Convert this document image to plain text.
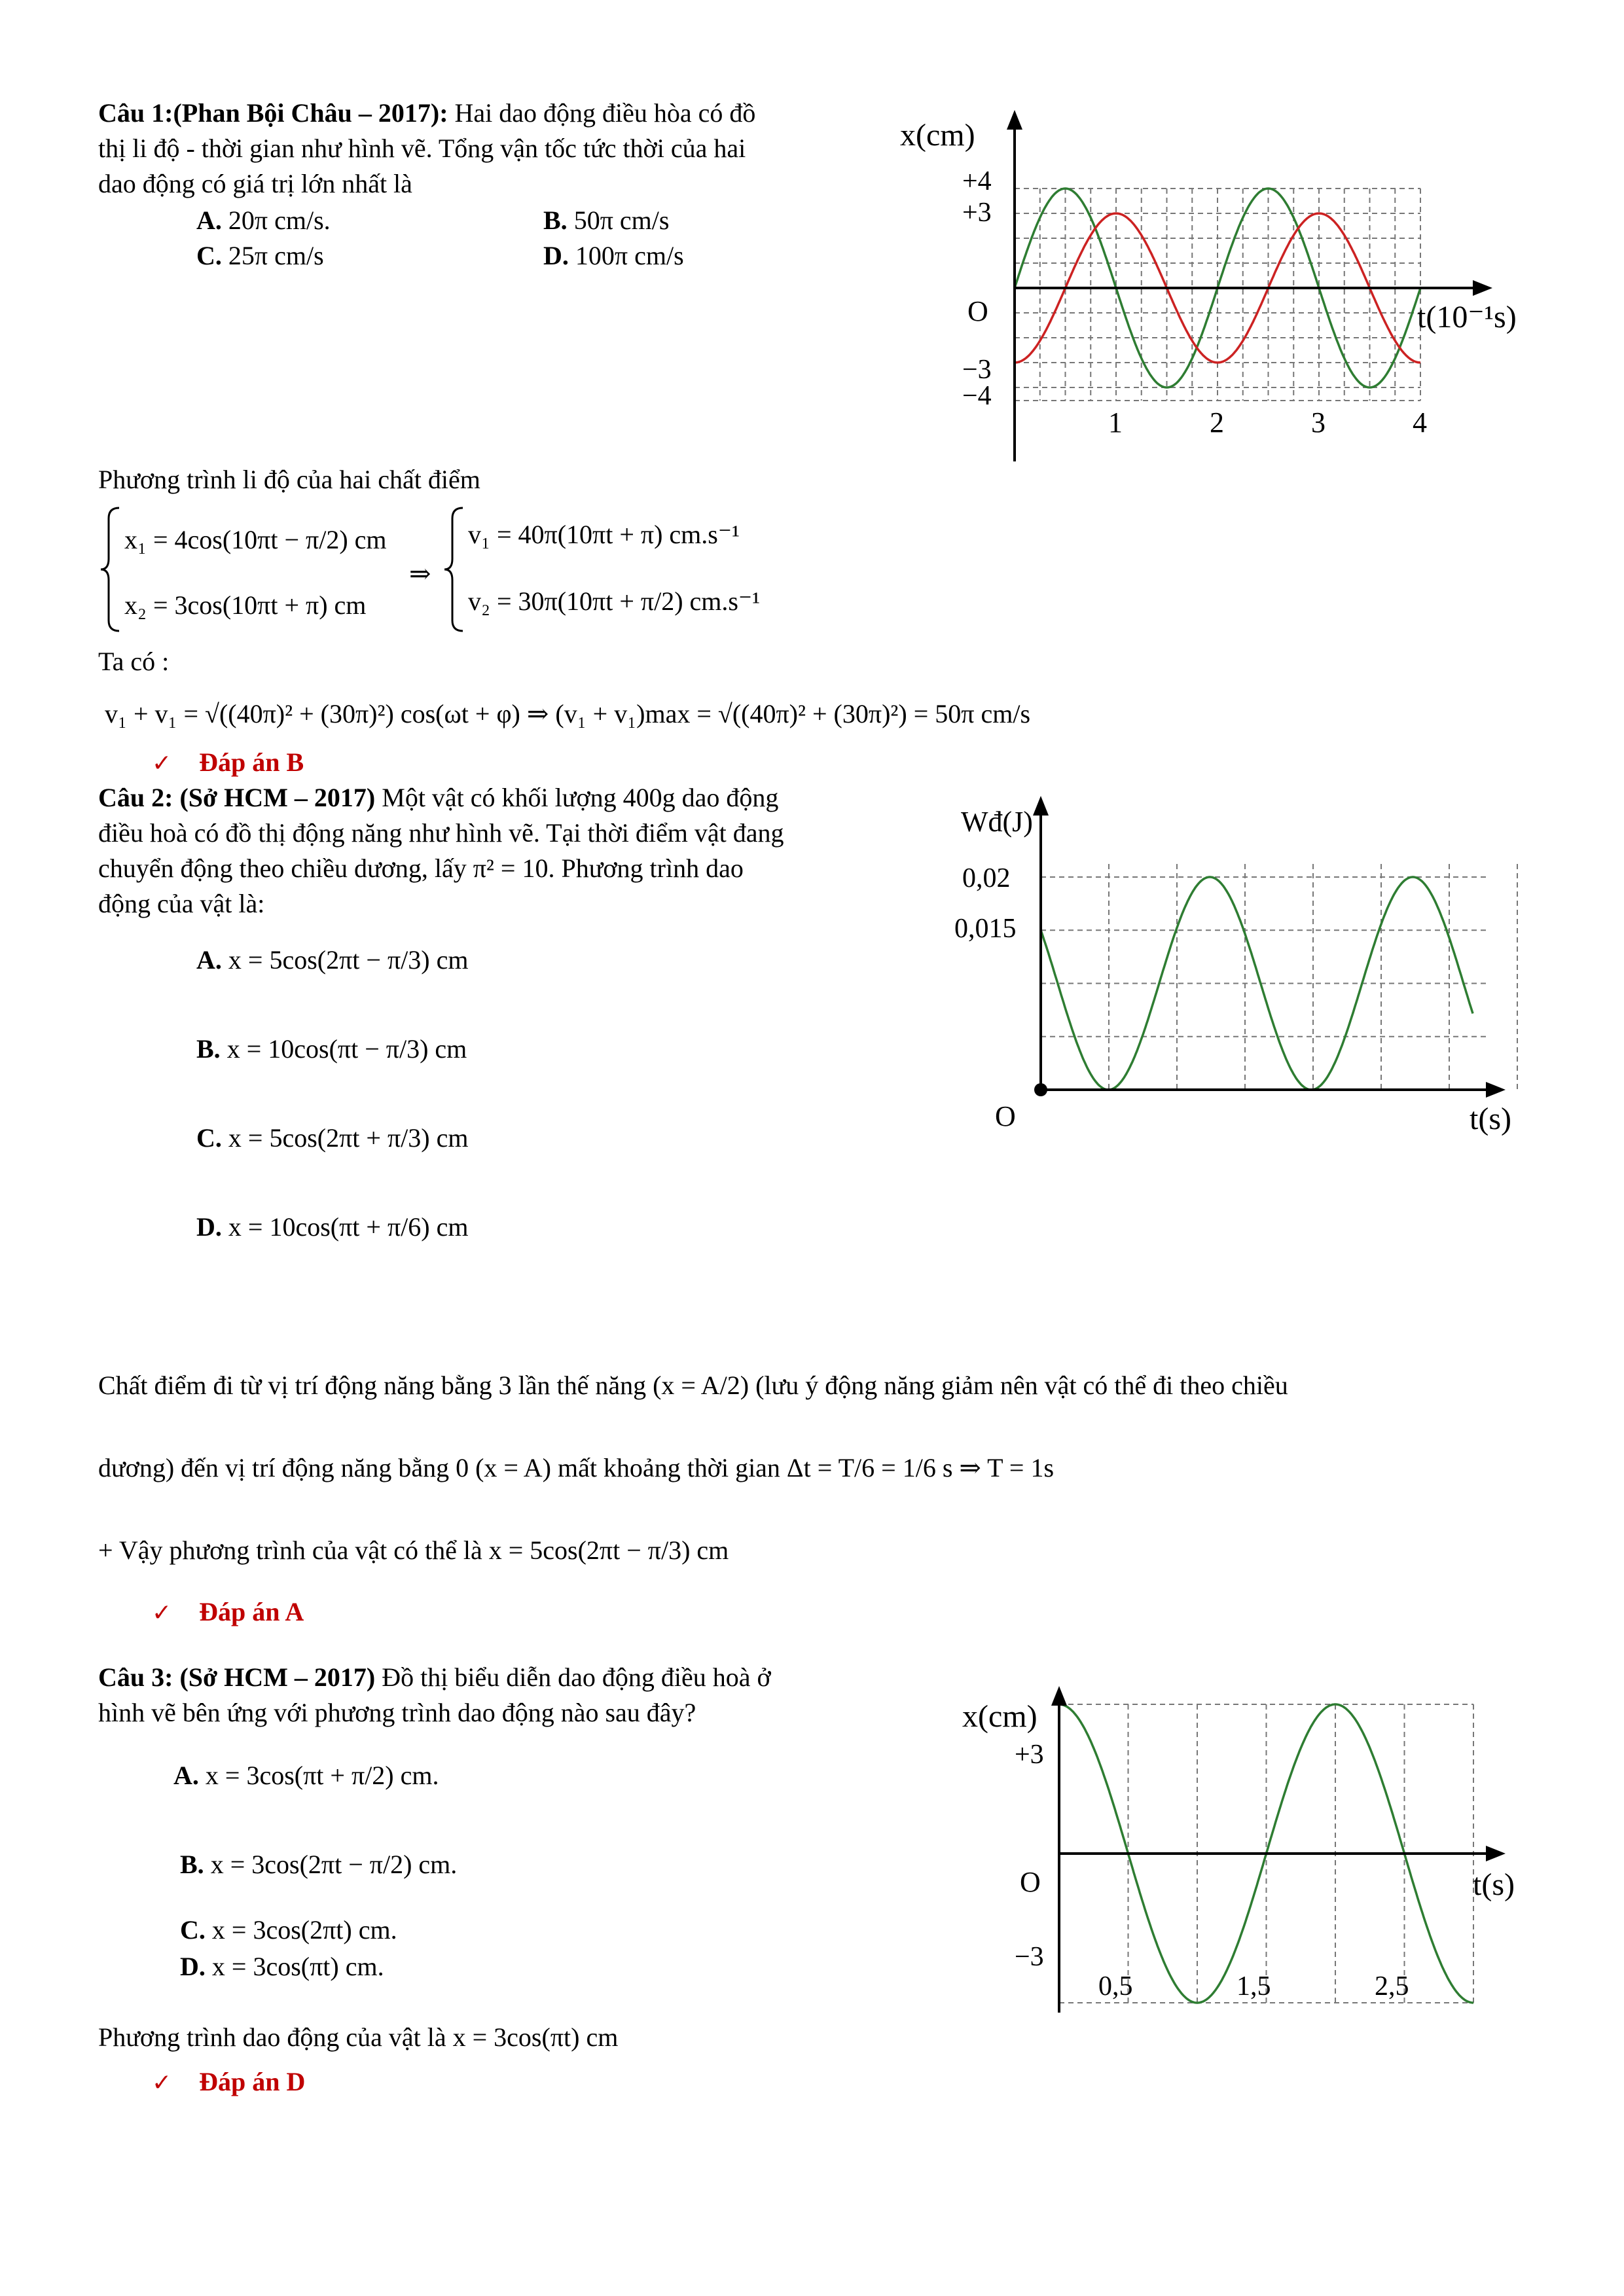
Câu 1:(Phan Bội Châu – 2017): Hai dao động điều hòa có đồ
thị li độ - thời gian như hình vẽ. Tổng vận tốc tức thời của hai
dao động có giá trị lớn nhất là
A. 20π cm/s.	B. 50π cm/s
C. 25π cm/s	D. 100π cm/s
x(cm)
t(10⁻¹s)
O
+4
+3
−3
−4
1	2	3	4
Phương trình li độ của hai chất điểm
x₁ = 4cos(10πt − π/2) cm
x₂ = 3cos(10πt + π) cm
⇒
v₁ = 40π(10πt + π) cm.s⁻¹
v₂ = 30π(10πt + π/2) cm.s⁻¹
Ta có :
v₁ + v₁ = √((40π)² + (30π)²) cos(ωt + φ) ⇒ (v₁ + v₁)max = √((40π)² + (30π)²) = 50π cm/s
✓ Đáp án B
Câu 2: (Sở HCM – 2017) Một vật có khối lượng 400g dao động
điều hoà có đồ thị động năng như hình vẽ. Tại thời điểm vật đang
chuyển động theo chiều dương, lấy π² = 10. Phương trình dao
động của vật là:
A. x = 5cos(2πt − π/3) cm
B. x = 10cos(πt − π/3) cm
C. x = 5cos(2πt + π/3) cm
D. x = 10cos(πt + π/6) cm
Wđ(J)
t(s)
O
0,02
0,015
Chất điểm đi từ vị trí động năng bằng 3 lần thế năng (x = A/2) (lưu ý động năng giảm nên vật có thể đi theo chiều
dương) đến vị trí động năng bằng 0 (x = A) mất khoảng thời gian Δt = T/6 = 1/6 s ⇒ T = 1s
+ Vậy phương trình của vật có thể là x = 5cos(2πt − π/3) cm
✓ Đáp án A
Câu 3: (Sở HCM – 2017) Đồ thị biểu diễn dao động điều hoà ở
hình vẽ bên ứng với phương trình dao động nào sau đây?
A. x = 3cos(πt + π/2) cm.
B. x = 3cos(2πt − π/2) cm.
C. x = 3cos(2πt) cm.
D. x = 3cos(πt) cm.
x(cm)
t(s)
O
+3
−3
0,5	1,5	2,5
Phương trình dao động của vật là x = 3cos(πt) cm
✓ Đáp án D
